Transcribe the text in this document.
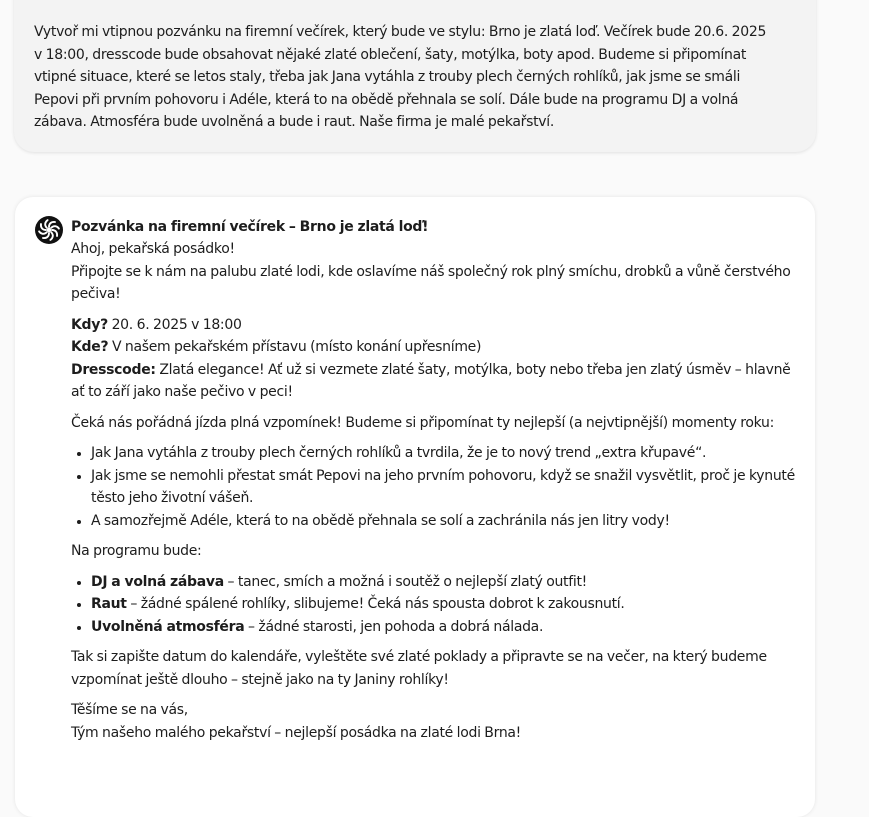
Vytvoř mi vtipnou pozvánku na firemní večírek, který bude ve stylu: Brno je zlatá loď. Večírek bude 20.6. 2025 v 18:00, dresscode bude obsahovat nějaké zlaté oblečení, šaty, motýlka, boty apod. Budeme si připomínat vtipné situace, které se letos staly, třeba jak Jana vytáhla z trouby plech černých rohlíků, jak jsme se smáli Pepovi při prvním pohovoru i Adéle, která to na obědě přehnala se solí. Dále bude na programu DJ a volná zábava. Atmosféra bude uvolněná a bude i raut. Naše firma je malé pekařství.

Pozvánka na firemní večírek – Brno je zlatá loď!

Ahoj, pekařská posádko!

Připojte se k nám na palubu zlaté lodi, kde oslavíme náš společný rok plný smíchu, drobků a vůně čerstvého pečiva!

Kdy? 20. 6. 2025 v 18:00

Kde? V našem pekařském přístavu (místo konání upřesníme)

Dresscode: Zlatá elegance! Ať už si vezmete zlaté šaty, motýlka, boty nebo třeba jen zlatý úsměv – hlavně ať to září jako naše pečivo v peci!

Čeká nás pořádná jízda plná vzpomínek! Budeme si připomínat ty nejlepší (a nejvtipnější) momenty roku:

• Jak Jana vytáhla z trouby plech černých rohlíků a tvrdila, že je to nový trend „extra křupavé“.
• Jak jsme se nemohli přestat smát Pepovi na jeho prvním pohovoru, když se snažil vysvětlit, proč je kynuté těsto jeho životní vášeň.
• A samozřejmě Adéle, která to na obědě přehnala se solí a zachránila nás jen litry vody!

Na programu bude:

• DJ a volná zábava – tanec, smích a možná i soutěž o nejlepší zlatý outfit!
• Raut – žádné spálené rohlíky, slibujeme! Čeká nás spousta dobrot k zakousnutí.
• Uvolněná atmosféra – žádné starosti, jen pohoda a dobrá nálada.

Tak si zapište datum do kalendáře, vyleštěte své zlaté poklady a připravte se na večer, na který budeme vzpomínat ještě dlouho – stejně jako na ty Janiny rohlíky!

Těšíme se na vás,

Tým našeho malého pekařství – nejlepší posádka na zlaté lodi Brna!
